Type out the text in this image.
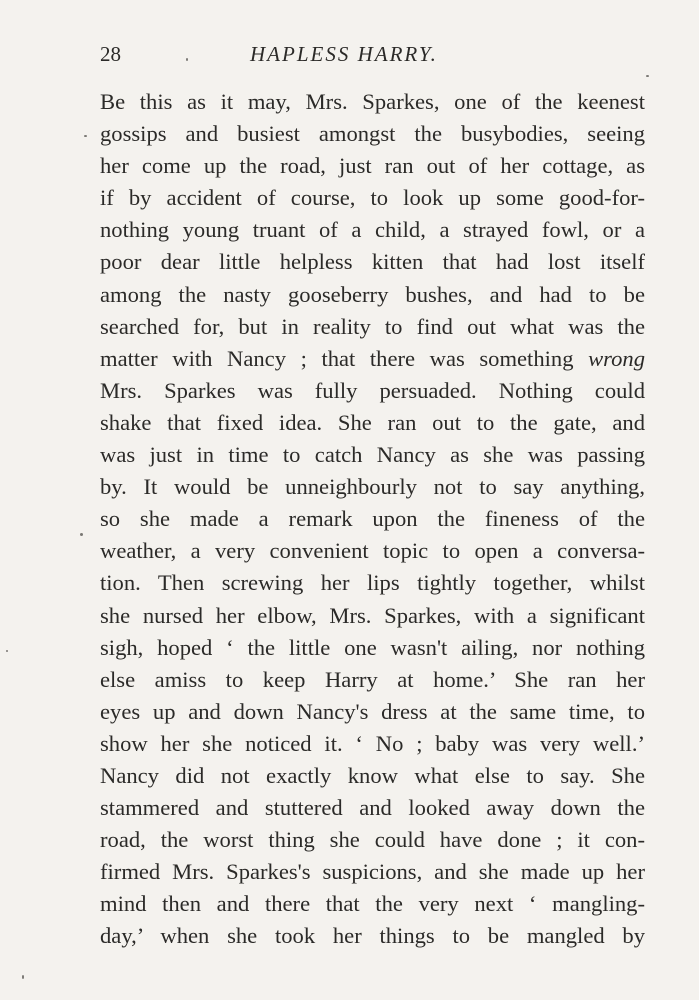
28	HAPLESS HARRY.
Be this as it may, Mrs. Sparkes, one of the keenest
gossips and busiest amongst the busybodies, seeing
her come up the road, just ran out of her cottage, as
if by accident of course, to look up some good-for-
nothing young truant of a child, a strayed fowl, or a
poor dear little helpless kitten that had lost itself
among the nasty gooseberry bushes, and had to be
searched for, but in reality to find out what was the
matter with Nancy ; that there was something wrong
Mrs. Sparkes was fully persuaded. Nothing could
shake that fixed idea. She ran out to the gate, and
was just in time to catch Nancy as she was passing
by. It would be unneighbourly not to say anything,
so she made a remark upon the fineness of the
weather, a very convenient topic to open a conversa-
tion. Then screwing her lips tightly together, whilst
she nursed her elbow, Mrs. Sparkes, with a significant
sigh, hoped ‘ the little one wasn't ailing, nor nothing
else amiss to keep Harry at home.’ She ran her
eyes up and down Nancy's dress at the same time, to
show her she noticed it. ‘ No ; baby was very well.’
Nancy did not exactly know what else to say. She
stammered and stuttered and looked away down the
road, the worst thing she could have done ; it con-
firmed Mrs. Sparkes's suspicions, and she made up her
mind then and there that the very next ‘ mangling-
day,’ when she took her things to be mangled by
